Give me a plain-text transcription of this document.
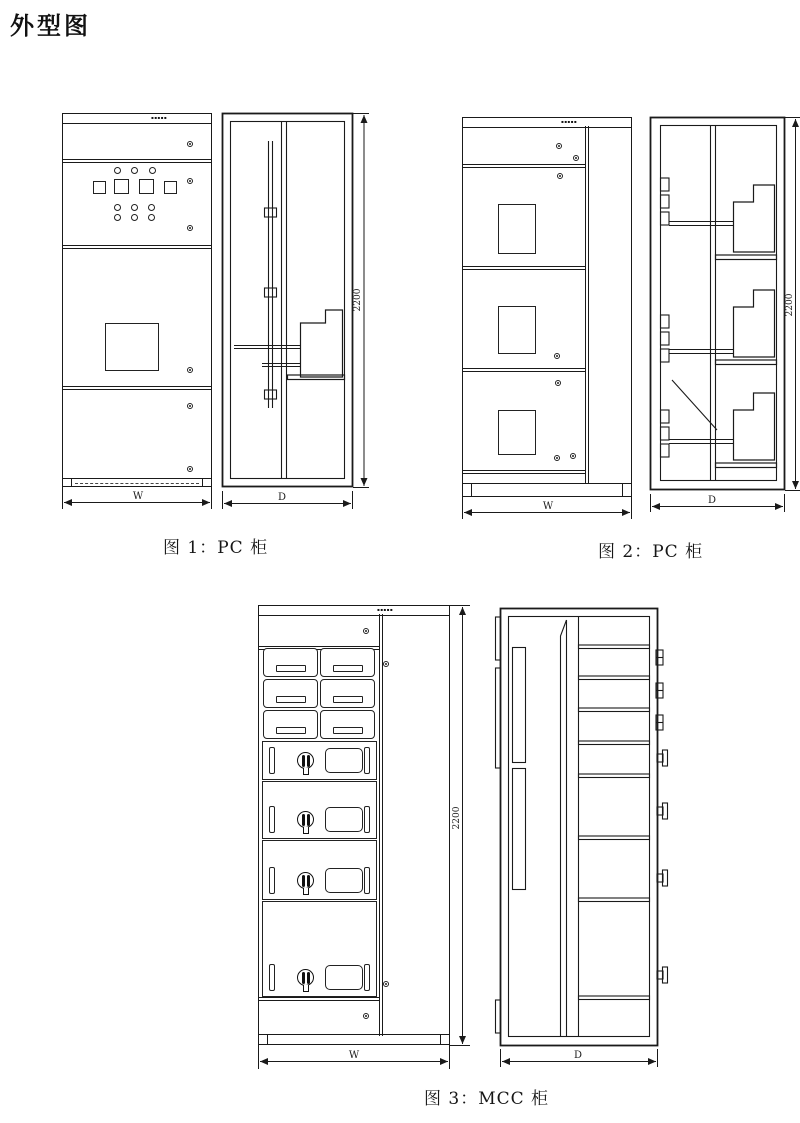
外型图
▪▪▪▪▪
W
2200
D
图 1：PC 柜
▪▪▪▪▪
W
2200
D
图 2：PC 柜
▪▪▪▪▪
2200
W	D
图 3：MCC 柜
